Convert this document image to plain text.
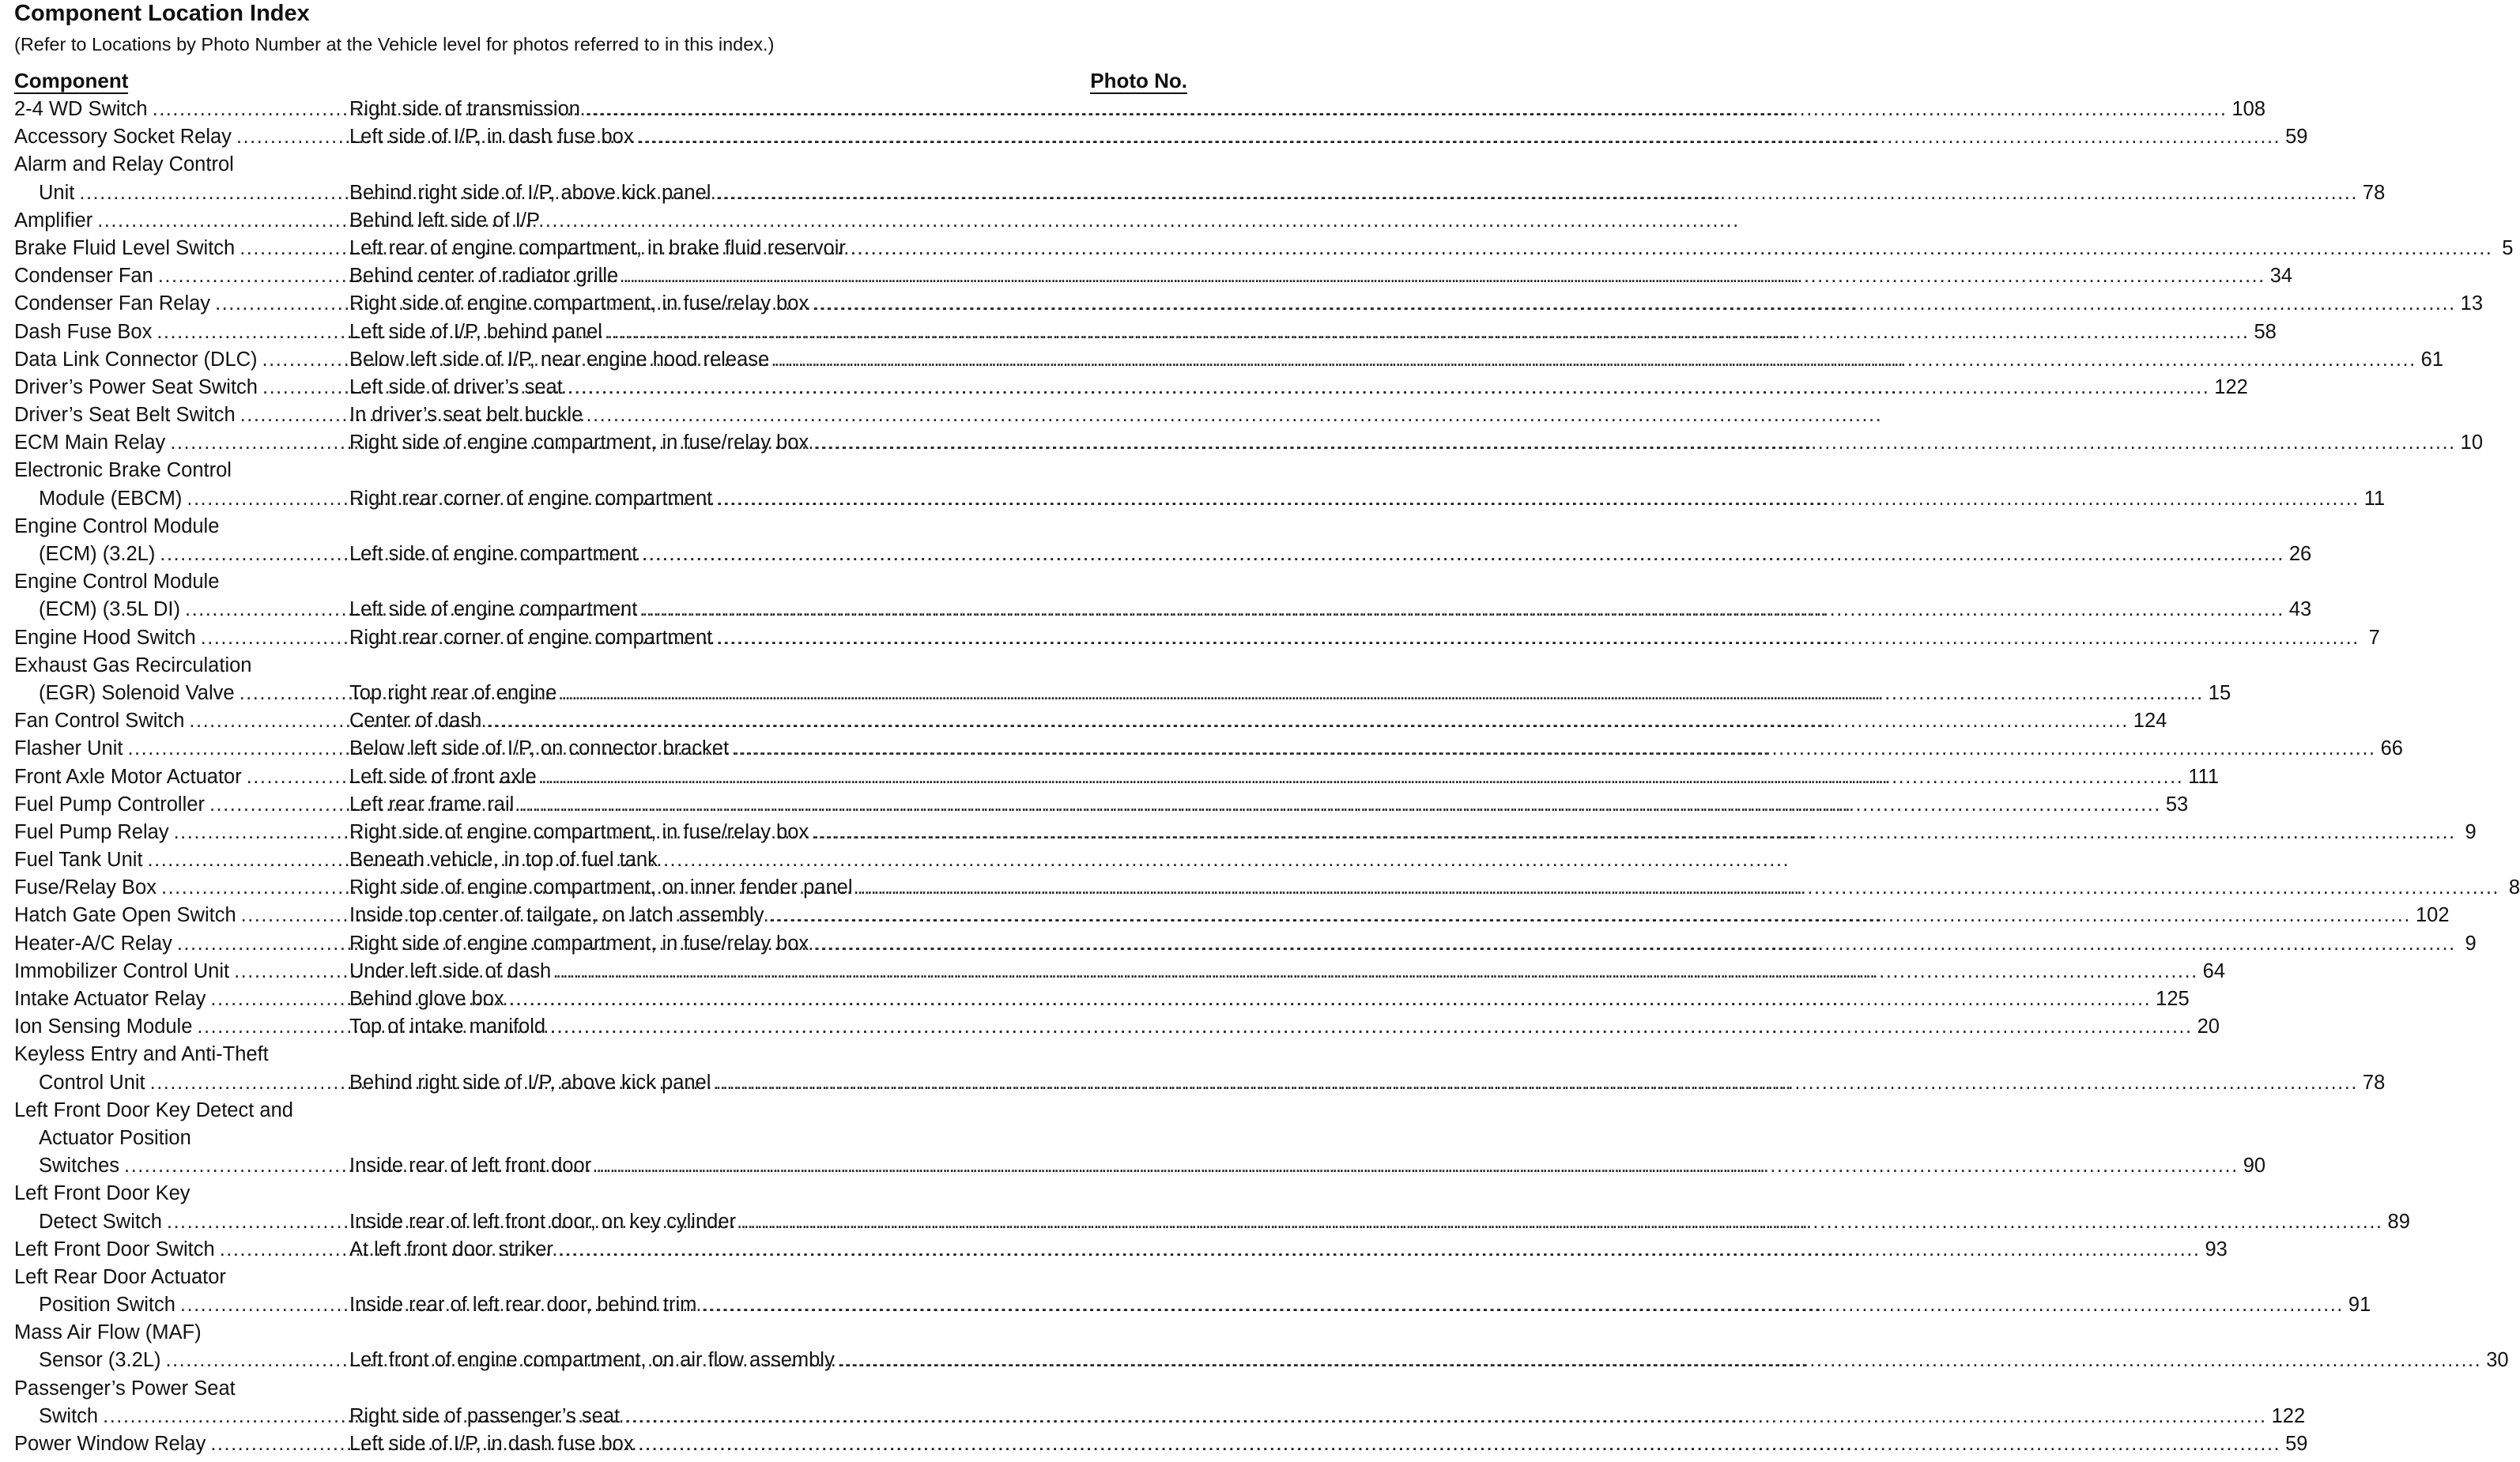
Component Location Index
(Refer to Locations by Photo Number at the Vehicle level for photos referred to in this index.)
Component	Photo No.
2-4 WD Switch .....	Right side of transmission .....	108
Accessory Socket Relay .....	Left side of I/P, in dash fuse box .....	59
Alarm and Relay Control
Unit .....	Behind right side of I/P, above kick panel .....	78
Amplifier .....	Behind left side of I/P
Brake Fluid Level Switch .....	Left rear of engine compartment, in brake fluid reservoir .....	5
Condenser Fan .....	Behind center of radiator grille .....	34
Condenser Fan Relay .....	Right side of engine compartment, in fuse/relay box .....	13
Dash Fuse Box .....	Left side of I/P, behind panel .....	58
Data Link Connector (DLC) .....	Below left side of I/P, near engine hood release .....	61
Driver’s Power Seat Switch .....	Left side of driver’s seat .....	122
Driver’s Seat Belt Switch .....	In driver’s seat belt buckle
ECM Main Relay .....	Right side of engine compartment, in fuse/relay box .....	10
Electronic Brake Control
Module (EBCM) .....	Right rear corner of engine compartment .....	11
Engine Control Module
(ECM) (3.2L) .....	Left side of engine compartment .....	26
Engine Control Module
(ECM) (3.5L DI) .....	Left side of engine compartment .....	43
Engine Hood Switch .....	Right rear corner of engine compartment .....	7
Exhaust Gas Recirculation
(EGR) Solenoid Valve .....	Top right rear of engine .....	15
Fan Control Switch .....	Center of dash .....	124
Flasher Unit .....	Below left side of I/P, on connector bracket .....	66
Front Axle Motor Actuator .....	Left side of front axle .....	111
Fuel Pump Controller .....	Left rear frame rail .....	53
Fuel Pump Relay .....	Right side of engine compartment, in fuse/relay box .....	9
Fuel Tank Unit .....	Beneath vehicle, in top of fuel tank
Fuse/Relay Box .....	Right side of engine compartment, on inner fender panel .....	8
Hatch Gate Open Switch .....	Inside top center of tailgate, on latch assembly .....	102
Heater-A/C Relay .....	Right side of engine compartment, in fuse/relay box .....	9
Immobilizer Control Unit .....	Under left side of dash .....	64
Intake Actuator Relay .....	Behind glove box .....	125
Ion Sensing Module .....	Top of intake manifold .....	20
Keyless Entry and Anti-Theft
Control Unit .....	Behind right side of I/P, above kick panel .....	78
Left Front Door Key Detect and
Actuator Position
Switches .....	Inside rear of left front door .....	90
Left Front Door Key
Detect Switch .....	Inside rear of left front door, on key cylinder .....	89
Left Front Door Switch .....	At left front door striker .....	93
Left Rear Door Actuator
Position Switch .....	Inside rear of left rear door, behind trim .....	91
Mass Air Flow (MAF)
Sensor (3.2L) .....	Left front of engine compartment, on air flow assembly .....	30
Passenger’s Power Seat
Switch .....	Right side of passenger’s seat .....	122
Power Window Relay .....	Left side of I/P, in dash fuse box .....	59
